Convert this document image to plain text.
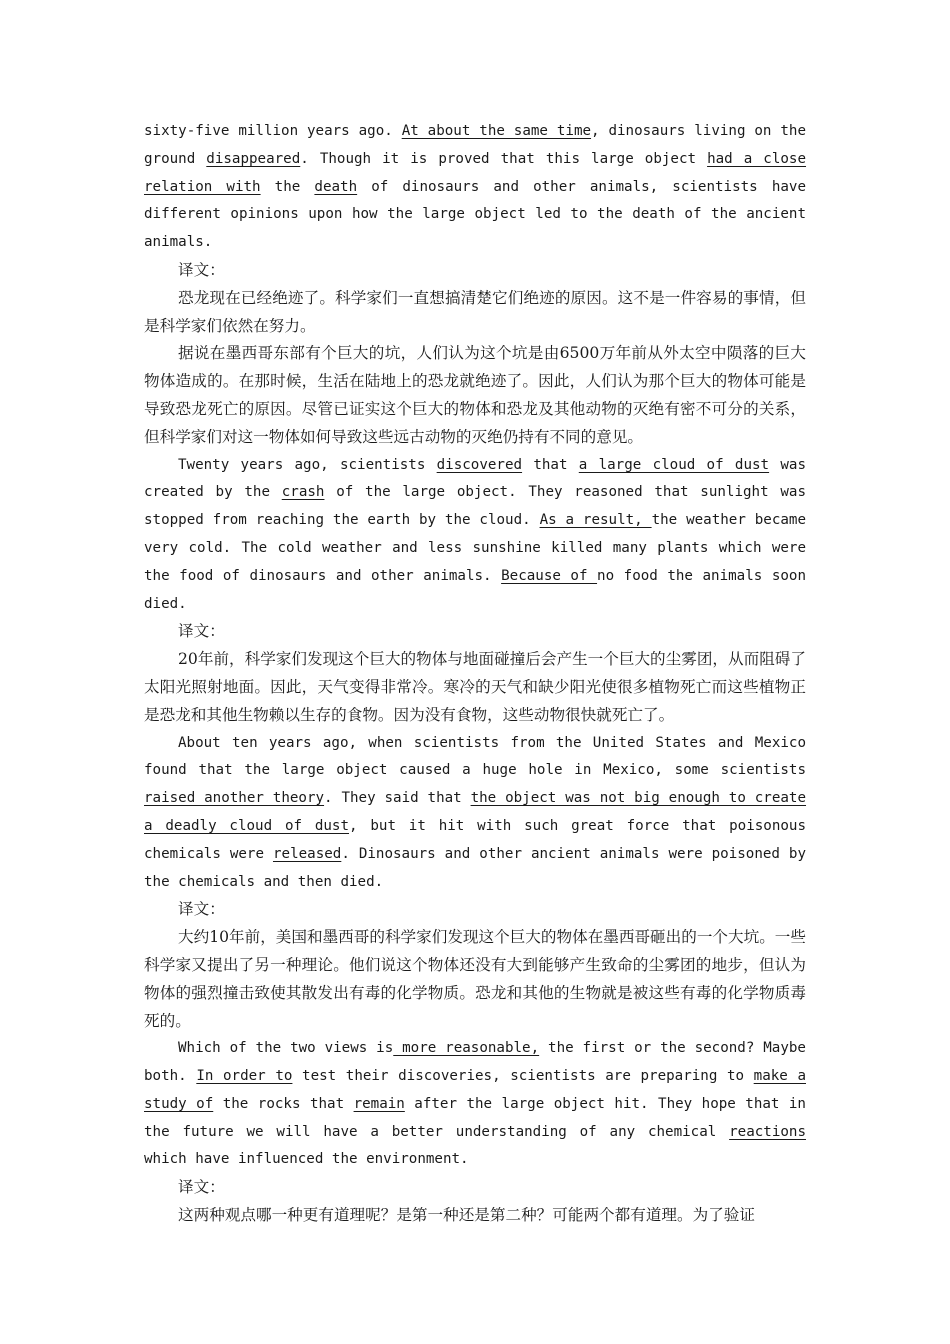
sixty-five million years ago. At about the same time, dinosaurs living on the ground disappeared. Though it is proved that this large object had a close relation with the death of dinosaurs and other animals, scientists have different opinions upon how the large object led to the death of the ancient animals.

译文：

恐龙现在已经绝迹了。科学家们一直想搞清楚它们绝迹的原因。这不是一件容易的事情，但是科学家们依然在努力。

据说在墨西哥东部有个巨大的坑，人们认为这个坑是由6500万年前从外太空中陨落的巨大物体造成的。在那时候，生活在陆地上的恐龙就绝迹了。因此，人们认为那个巨大的物体可能是导致恐龙死亡的原因。尽管已证实这个巨大的物体和恐龙及其他动物的灭绝有密不可分的关系，但科学家们对这一物体如何导致这些远古动物的灭绝仍持有不同的意见。

Twenty years ago, scientists discovered that a large cloud of dust was created by the crash of the large object. They reasoned that sunlight was stopped from reaching the earth by the cloud. As a result, the weather became very cold. The cold weather and less sunshine killed many plants which were the food of dinosaurs and other animals. Because of no food the animals soon died.

译文：

20年前，科学家们发现这个巨大的物体与地面碰撞后会产生一个巨大的尘雾团，从而阻碍了太阳光照射地面。因此，天气变得非常冷。寒冷的天气和缺少阳光使很多植物死亡而这些植物正是恐龙和其他生物赖以生存的食物。因为没有食物，这些动物很快就死亡了。

About ten years ago, when scientists from the United States and Mexico found that the large object caused a huge hole in Mexico, some scientists raised another theory. They said that the object was not big enough to create a deadly cloud of dust, but it hit with such great force that poisonous chemicals were released. Dinosaurs and other ancient animals were poisoned by the chemicals and then died.

译文：

大约10年前，美国和墨西哥的科学家们发现这个巨大的物体在墨西哥砸出的一个大坑。一些科学家又提出了另一种理论。他们说这个物体还没有大到能够产生致命的尘雾团的地步，但认为物体的强烈撞击致使其散发出有毒的化学物质。恐龙和其他的生物就是被这些有毒的化学物质毒死的。

Which of the two views is more reasonable, the first or the second? Maybe both. In order to test their discoveries, scientists are preparing to make a study of the rocks that remain after the large object hit. They hope that in the future we will have a better understanding of any chemical reactions which have influenced the environment.

译文：

这两种观点哪一种更有道理呢？是第一种还是第二种？可能两个都有道理。为了验证
